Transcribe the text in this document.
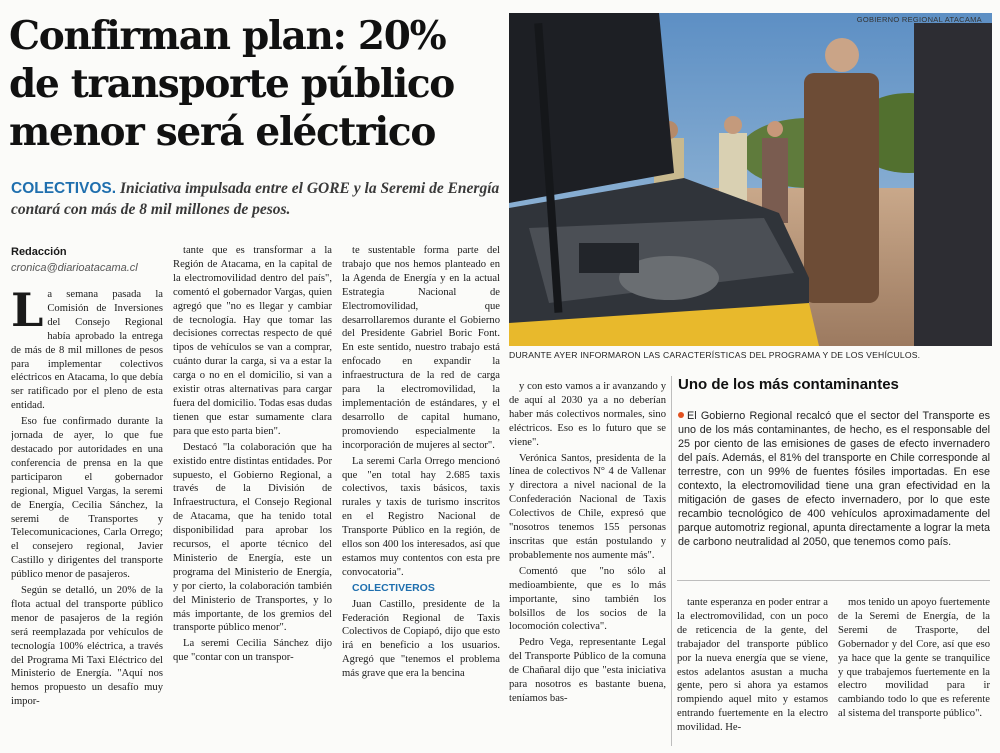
Confirman plan: 20% de transporte público menor será eléctrico
COLECTIVOS. Iniciativa impulsada entre el GORE y la Seremi de Energía contará con más de 8 mil millones de pesos.
Redacción
cronica@diarioatacama.cl

La semana pasada la Comisión de Inversiones del Consejo Regional había aprobado la entrega de más de 8 mil millones de pesos para implementar colectivos eléctricos en Atacama, lo que debía ser ratificado por el pleno de esta entidad.

Eso fue confirmado durante la jornada de ayer, lo que fue destacado por autoridades en una conferencia de prensa en la que participaron el gobernador regional, Miguel Vargas, la seremi de Energía, Cecilia Sánchez, la seremi de Transportes y Telecomunicaciones, Carla Orrego; el consejero regional, Javier Castillo y dirigentes del transporte público menor de pasajeros.

Según se detalló, un 20% de la flota actual del transporte público menor de pasajeros de la región será reemplazada por vehículos de tecnología 100% eléctrica, a través del Programa Mi Taxi Eléctrico del Ministerio de Energía. "Aquí nos hemos propuesto un desafío muy impor-

tante que es transformar a la Región de Atacama, en la capital de la electromovilidad dentro del país", comentó el gobernador Vargas, quien agregó que "no es llegar y cambiar de tecnología. Hay que tomar las decisiones correctas respecto de qué tipos de vehículos se van a comprar, cuánto durar la carga, si va a estar la carga o no en el domicilio, si van a existir otras alternativas para cargar fuera del domicilio. Todas esas dudas tienen que estar sumamente clara para que esto parta bien".

Destacó "la colaboración que ha existido entre distintas entidades. Por supuesto, el Gobierno Regional, a través de la División de Infraestructura, el Consejo Regional de Atacama, que ha tenido total disponibilidad para aprobar los recursos, el aporte técnico del Ministerio de Energía, este un programa del Ministerio de Energía, y por cierto, la colaboración también del Ministerio de Transportes, y lo más importante, de los gremios del transporte público menor".

La seremi Cecilia Sánchez dijo que "contar con un transpor-

te sustentable forma parte del trabajo que nos hemos planteado en la Agenda de Energía y en la actual Estrategia Nacional de Electromovilidad, que desarrollaremos durante el Gobierno del Presidente Gabriel Boric Font. En este sentido, nuestro trabajo está enfocado en expandir la infraestructura de la red de carga para la electromovilidad, la implementación de estándares, y el desarrollo de capital humano, promoviendo especialmente la incorporación de mujeres al sector".

La seremi Carla Orrego mencionó que "en total hay 2.685 taxis colectivos, taxis básicos, taxis rurales y taxis de turismo inscritos en el Registro Nacional de Transporte Público en la región, de ellos son 400 los interesados, así que estamos muy contentos con esta pre convocatoria".

COLECTIVEROS

Juan Castillo, presidente de la Federación Regional de Taxis Colectivos de Copiapó, dijo que esto irá en beneficio a los usuarios. Agregó que "tenemos el problema más grave que era la bencina

y con esto vamos a ir avanzando y de aquí al 2030 ya a no deberían haber más colectivos normales, sino eléctricos. Eso es lo futuro que se viene".

Verónica Santos, presidenta de la línea de colectivos N° 4 de Vallenar y directora a nivel nacional de la Confederación Nacional de Taxis Colectivos de Chile, expresó que "nosotros tenemos 155 personas inscritas que están postulando y probablemente nos aumente más".

Comentó que "no sólo al medioambiente, que es lo más importante, sino también los bolsillos de los socios de la locomoción colectiva".

Pedro Vega, representante Legal del Transporte Público de la comuna de Chañaral dijo que "esta iniciativa para nosotros es bastante buena, teníamos bas-

tante esperanza en poder entrar a la electromovilidad, con un poco de reticencia de la gente, del trabajador del transporte público por la nueva energía que se viene, estos adelantos asustan a mucha gente, pero si ahora ya estamos rompiendo aquel mito y estamos entrando fuertemente en la electro movilidad. He-

mos tenido un apoyo fuertemente de la Seremi de Energía, de la Seremi de Trasporte, del Gobernador y del Core, así que eso ya hace que la gente se tranquilice y que trabajemos fuertemente en la electro movilidad para ir cambiando todo lo que es referente al sistema del transporte público".

GOBIERNO REGIONAL ATACAMA
DURANTE AYER INFORMARON LAS CARACTERÍSTICAS DEL PROGRAMA Y DE LOS VEHÍCULOS.
Uno de los más contaminantes
El Gobierno Regional recalcó que el sector del Transporte es uno de los más contaminantes, de hecho, es el responsable del 25 por ciento de las emisiones de gases de efecto invernadero del país. Además, el 81% del transporte en Chile corresponde al terrestre, con un 99% de fuentes fósiles importadas. En ese contexto, la electromovilidad tiene una gran efectividad en la mitigación de gases de efecto invernadero, por lo que este recambio tecnológico de 400 vehículos aproximadamente del parque automotriz regional, apunta directamente a lograr la meta de carbono neutralidad al 2050, que tenemos como país.
